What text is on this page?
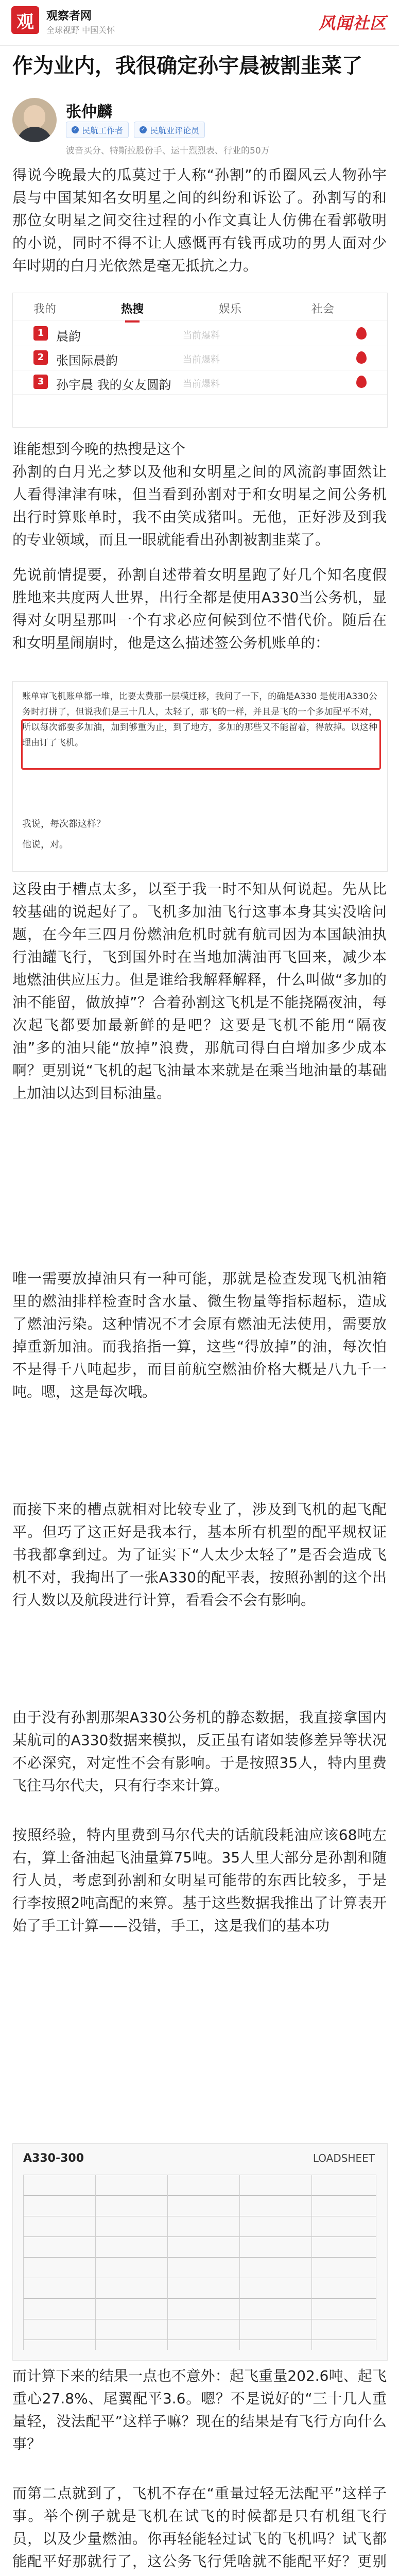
观	观察者网
全球视野 中国关怀	风闻社区
作为业内，我很确定孙宇晨被割韭菜了
张仲麟
✓ 民航工作者	✓ 民航业评论员
波音买分、特斯拉股份手、运十烈烈表、行业的50万
得说今晚最大的瓜莫过于人称“孙割”的币圈风云人物孙宇晨与中国某知名女明星之间的纠纷和诉讼了。孙割写的和那位女明星之间交往过程的小作文真让人仿佛在看郭敬明的小说，同时不得不让人感慨再有钱再成功的男人面对少年时期的白月光依然是毫无抵抗之力。
我的	热搜	娱乐	社会
1 晨韵	当前爆料
2 张国际晨韵	当前爆料
3 孙宇晨 我的女友圆韵 当前爆料
谁能想到今晚的热搜是这个
孙割的白月光之梦以及他和女明星之间的风流韵事固然让人看得津津有味，但当看到孙割对于和女明星之间公务机出行时算账单时，我不由笑成猪叫。无他，正好涉及到我的专业领域，而且一眼就能看出孙割被割韭菜了。
先说前情提要，孙割自述带着女明星跑了好几个知名度假胜地来共度两人世界，出行全都是使用A330当公务机，显得对女明星那叫一个有求必应何候到位不惜代价。随后在和女明星闹崩时，他是这么描述签公务机账单的：
账单审飞机账单都一堆，比要太费那一层模迁移，我问了一下，的确是A330 是使用A330公务时打拼了，但说我们是三十几人，太轻了，那飞的一样，并且是飞的一个多加配平不对，所以每次都要多加油，加到够重为止，到了地方，多加的那些又不能留着，得放掉。以这种理由订了飞机。
我说，每次都这样？
他说，对。
这段由于槽点太多，以至于我一时不知从何说起。先从比较基础的说起好了。飞机多加油飞行这事本身其实没啥问题，在今年三四月份燃油危机时就有航司因为本国缺油执行油罐飞行，飞到国外时在当地加满油再飞回来，减少本地燃油供应压力。但是谁给我解释解释，什么叫做“多加的油不能留，做放掉”？合着孙割这飞机是不能挠隔夜油，每次起飞都要加最新鲜的是吧？这要是飞机不能用“隔夜油”多的油只能“放掉”浪费，那航司得白白增加多少成本啊？更别说“飞机的起飞油量本来就是在乘当地油量的基础上加油以达到目标油量。
唯一需要放掉油只有一种可能，那就是检查发现飞机油箱里的燃油排样检查时含水量、微生物量等指标超标，造成了燃油污染。这种情况不才会原有燃油无法使用，需要放掉重新加油。而我掐指一算，这些“得放掉”的油，每次怕不是得千八吨起步，而目前航空燃油价格大概是八九千一吨。嗯，这是每次哦。
而接下来的槽点就相对比较专业了，涉及到飞机的起飞配平。但巧了这正好是我本行，基本所有机型的配平规权证书我都拿到过。为了证实下“人太少太轻了”是否会造成飞机不对，我掏出了一张A330的配平表，按照孙割的这个出行人数以及航段进行计算，看看会不会有影响。
由于没有孙割那架A330公务机的静态数据，我直接拿国内某航司的A330数据来模拟，反正虽有诸如装修差异等状况不必深究，对定性不会有影响。于是按照35人，特内里费飞往马尔代夫，只有行李来计算。
按照经验，特内里费到马尔代夫的话航段耗油应该68吨左右，算上备油起飞油量算75吨。35人里大部分是孙割和随行人员，考虑到孙割和女明星可能带的东西比较多，于是行李按照2吨高配的来算。基于这些数据我推出了计算表开始了手工计算——没错，手工，这是我们的基本功
A330-300	LOADSHEET
而计算下来的结果一点也不意外：起飞重量202.6吨、起飞重心27.8%、尾翼配平3.6。嗯？不是说好的“三十几人重量轻，没法配平”这样子嘛？现在的结果是有飞行方向什么事？
而第二点就到了，飞机不存在“重量过轻无法配平”这样子事。举个例子就是飞机在试飞的时候都是只有机组飞行员，以及少量燃油。你再轻能轻过试飞的飞机吗？试飞都能配平好那就行了，这公务飞行凭啥就不能配平好？更别
